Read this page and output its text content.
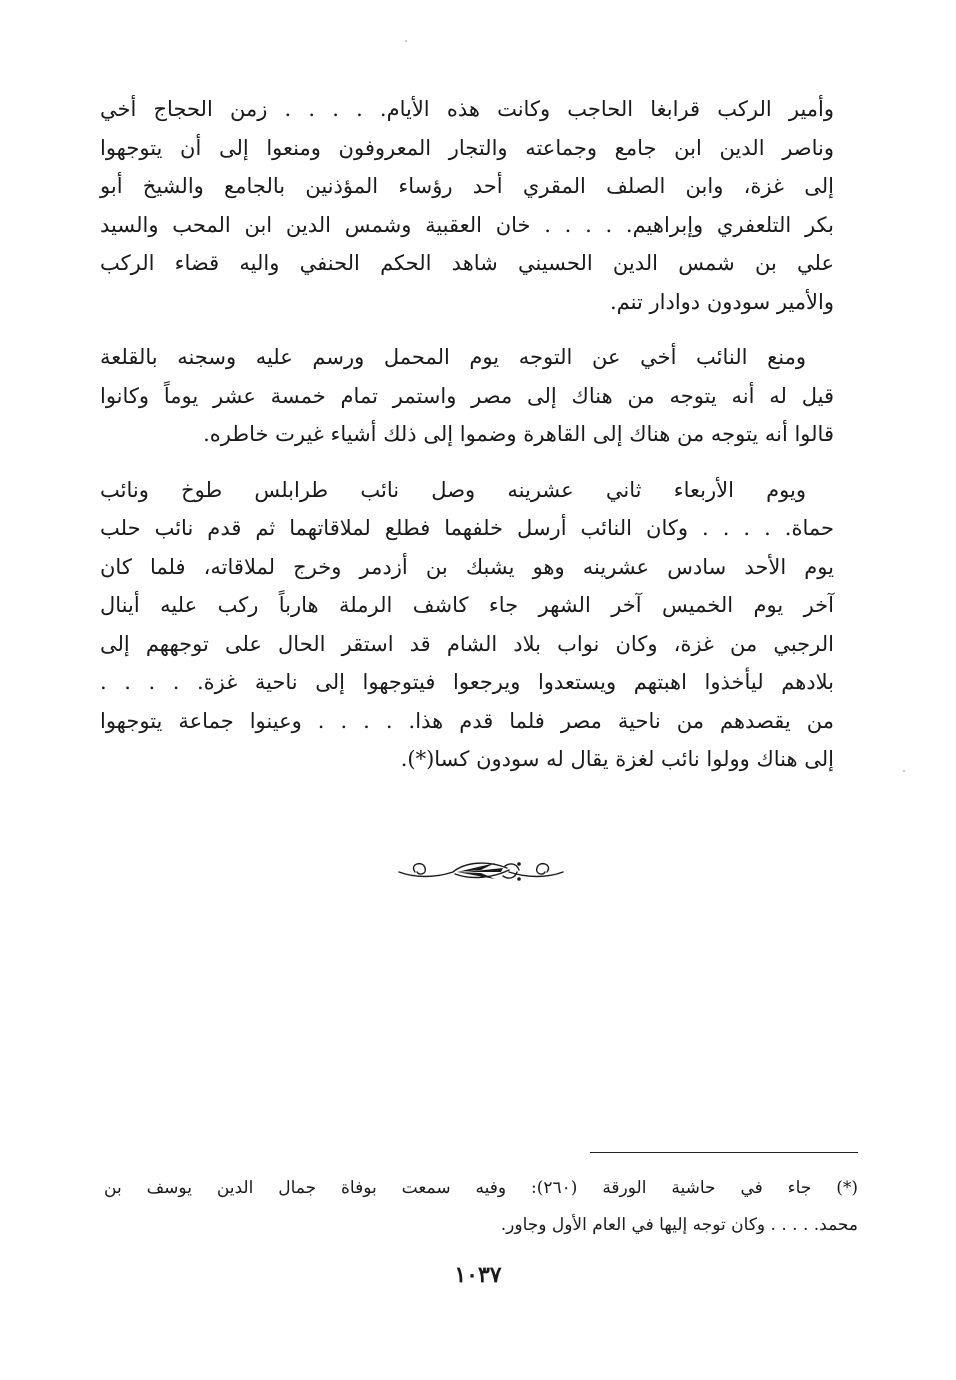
وأمير الركب قرابغا الحاجب وكانت هذه الأيام. . . . . زمن الحجاج أخي
وناصر الدين ابن جامع وجماعته والتجار المعروفون ومنعوا إلى أن يتوجهوا
إلى غزة، وابن الصلف المقري أحد رؤساء المؤذنين بالجامع والشيخ أبو
بكر التلعفري وإبراهيم. . . . . خان العقبية وشمس الدين ابن المحب والسيد
علي بن شمس الدين الحسيني شاهد الحكم الحنفي واليه قضاء الركب
والأمير سودون دوادار تنم.

ومنع النائب أخي عن التوجه يوم المحمل ورسم عليه وسجنه بالقلعة
قيل له أنه يتوجه من هناك إلى مصر واستمر تمام خمسة عشر يوماً وكانوا
قالوا أنه يتوجه من هناك إلى القاهرة وضموا إلى ذلك أشياء غيرت خاطره.

ويوم الأربعاء ثاني عشرينه وصل نائب طرابلس طوخ ونائب
حماة. . . . . وكان النائب أرسل خلفهما فطلع لملاقاتهما ثم قدم نائب حلب
يوم الأحد سادس عشرينه وهو يشبك بن أزدمر وخرج لملاقاته، فلما كان
آخر يوم الخميس آخر الشهر جاء كاشف الرملة هارباً ركب عليه أينال
الرجبي من غزة، وكان نواب بلاد الشام قد استقر الحال على توجههم إلى
بلادهم ليأخذوا اهبتهم ويستعدوا ويرجعوا فيتوجهوا إلى ناحية غزة. . . . .
من يقصدهم من ناحية مصر فلما قدم هذا. . . . . وعينوا جماعة يتوجهوا
إلى هناك وولوا نائب لغزة يقال له سودون كسا(*).

(*) جاء في حاشية الورقة (٢٦٠): وفيه سمعت بوفاة جمال الدين يوسف بن
محمد. . . . . وكان توجه إليها في العام الأول وجاور.
١٠٣٧
